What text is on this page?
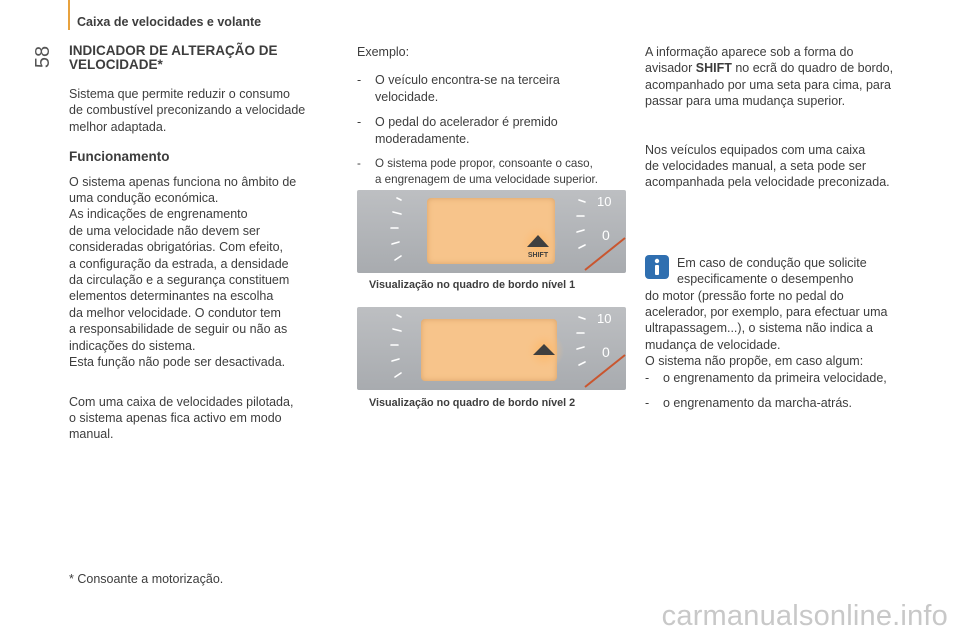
58
Caixa de velocidades e volante
INDICADOR DE ALTERAÇÃO DE
VELOCIDADE*

Sistema que permite reduzir o consumo
de combustível preconizando a velocidade
melhor adaptada.

Funcionamento

O sistema apenas funciona no âmbito de
uma condução económica.
As indicações de engrenamento
de uma velocidade não devem ser
consideradas obrigatórias. Com efeito,
a configuração da estrada, a densidade
da circulação e a segurança constituem
elementos determinantes na escolha
da melhor velocidade. O condutor tem
a responsabilidade de seguir ou não as
indicações do sistema.
Esta função não pode ser desactivada.

Com uma caixa de velocidades pilotada,
o sistema apenas fica activo em modo
manual.

Exemplo:

- O veículo encontra-se na terceira
velocidade.
- O pedal do acelerador é premido
moderadamente.
- O sistema pode propor, consoante o caso,
a engrenagem de uma velocidade superior.
10
0
SHIFT
Visualização no quadro de bordo nível 1
10
0
Visualização no quadro de bordo nível 2

A informação aparece sob a forma do
avisador SHIFT no ecrã do quadro de bordo,
acompanhado por uma seta para cima, para
passar para uma mudança superior.

Nos veículos equipados com uma caixa
de velocidades manual, a seta pode ser
acompanhada pela velocidade preconizada.

Em caso de condução que solicite
especificamente o desempenho

do motor (pressão forte no pedal do
acelerador, por exemplo, para efectuar uma
ultrapassagem...), o sistema não indica a
mudança de velocidade.
O sistema não propõe, em caso algum:

- o engrenamento da primeira velocidade,
- o engrenamento da marcha-atrás.
* Consoante a motorização.
carmanualsonline.info
